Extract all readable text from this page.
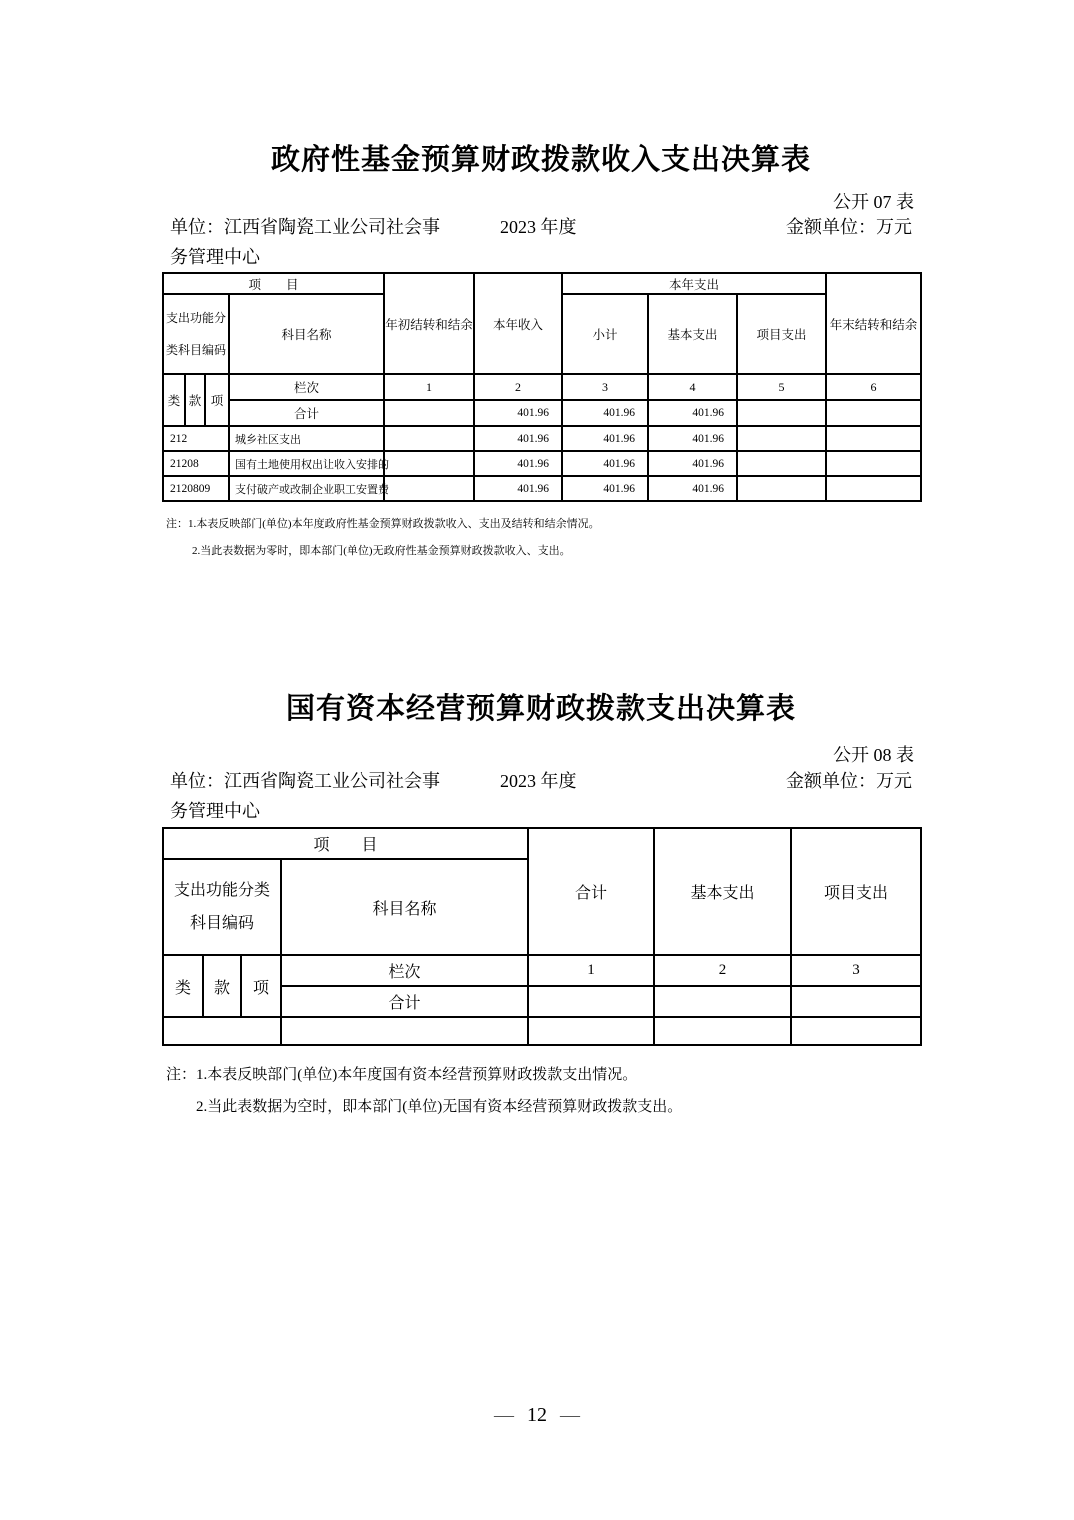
政府性基金预算财政拨款收入支出决算表
公开 07 表
单位：江西省陶瓷工业公司社会事务管理中心
2023 年度	金额单位：万元
项　　目				年初结转和结余	本年收入	本年支出			年末结转和结余
支出功能分
类科目编码			科目名称			小计	基本支出	项目支出	
类	款	项	栏次	1	2	3	4	5	6
			合计		401.96	401.96	401.96		
212			城乡社区支出		401.96	401.96	401.96		
21208			国有土地使用权出让收入安排的		401.96	401.96	401.96		
2120809			支付破产或改制企业职工安置费		401.96	401.96	401.96		
注：1.本表反映部门(单位)本年度政府性基金预算财政拨款收入、支出及结转和结余情况。
2.当此表数据为零时，即本部门(单位)无政府性基金预算财政拨款收入、支出。
国有资本经营预算财政拨款支出决算表
公开 08 表
单位：江西省陶瓷工业公司社会事务管理中心
2023 年度	金额单位：万元
项　　目				合计	基本支出	项目支出
支出功能分类
科目编码			科目名称			
类	款	项	栏次	1	2	3
			合计			

注：1.本表反映部门(单位)本年度国有资本经营预算财政拨款支出情况。
2.当此表数据为空时，即本部门(单位)无国有资本经营预算财政拨款支出。
— 12 —
